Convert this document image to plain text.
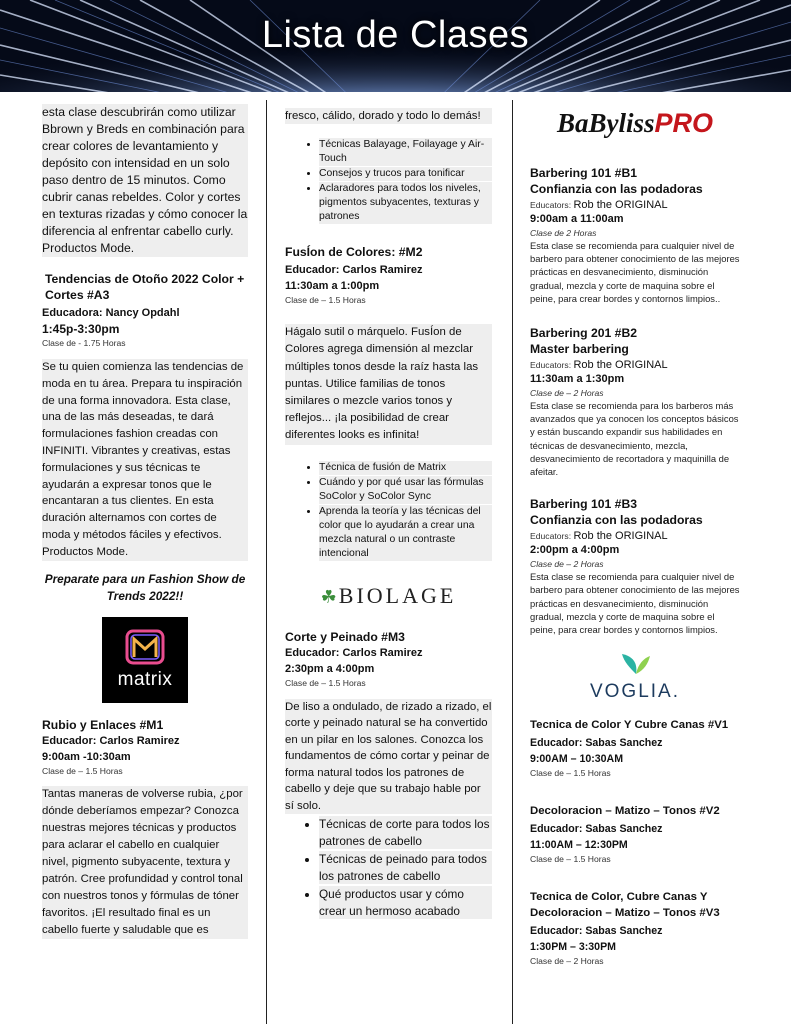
Lista de Clases

esta clase descubrirán como utilizar Bbrown y Breds en combinación para crear colores de levantamiento y depósito con intensidad en un solo paso dentro de 15 minutos. Como cubrir canas rebeldes. Color y cortes en texturas rizadas y cómo conocer la diferencia al enfrentar cabello curly. Productos Mode.

Tendencias de Otoño 2022 Color + Cortes #A3
Educadora: Nancy Opdahl
1:45p-3:30pm
Clase de - 1.75 Horas

Se tu quien comienza las tendencias de moda en tu área. Prepara tu inspiración de una forma innovadora. Esta clase, una de las más deseadas, te dará formulaciones fashion creadas con INFINITI. Vibrantes y creativas, estas formulaciones y sus técnicas te ayudarán a expresar tonos que le encantaran a tus clientes. En esta duración alternamos con cortes de moda y métodos fáciles y efectivos. Productos Mode.

Preparate para un Fashion Show de Trends 2022!!

matrix
Rubio y Enlaces #M1
Educador: Carlos Ramirez
9:00am -10:30am
Clase de – 1.5 Horas

Tantas maneras de volverse rubia, ¿por dónde deberíamos empezar? Conozca nuestras mejores técnicas y productos para aclarar el cabello en cualquier nivel, pigmento subyacente, textura y patrón. Cree profundidad y control tonal con nuestros tonos y fórmulas de tóner favoritos. ¡El resultado final es un cabello fuerte y saludable que es

fresco, cálido, dorado y todo lo demás!

• Técnicas Balayage, Foilayage y Air-Touch
• Consejos y trucos para tonificar
• Aclaradores para todos los niveles, pigmentos subyacentes, texturas y patrones
FusÍon de Colores: #M2
Educador: Carlos Ramirez
11:30am a 1:00pm
Clase de – 1.5 Horas

Hágalo sutil o márquelo. FusÍon de Colores agrega dimensión al mezclar múltiples tonos desde la raíz hasta las puntas. Utilice familias de tonos similares o mezcle varios tonos y reflejos... ¡la posibilidad de crear diferentes looks es infinita!

• Técnica de fusión de Matrix
• Cuándo y por qué usar las fórmulas SoColor y SoColor Sync
• Aprenda la teoría y las técnicas del color que lo ayudarán a crear una mezcla natural o un contraste intencional
☘BIOLAGE
Corte y Peinado #M3
Educador: Carlos Ramirez
2:30pm a 4:00pm
Clase de – 1.5 Horas

De liso a ondulado, de rizado a rizado, el corte y peinado natural se ha convertido en un pilar en los salones. Conozca los fundamentos de cómo cortar y peinar de forma natural todos los patrones de cabello y deje que su trabajo hable por sí solo.

• Técnicas de corte para todos los patrones de cabello
• Técnicas de peinado para todos los patrones de cabello
• Qué productos usar y cómo crear un hermoso acabado
BaBylissPRO
Barbering 101 #B1
Confianzia con las podadoras
Educators: Rob the ORIGINAL
9:00am a 11:00am
Clase de 2 Horas

Esta clase se recomienda para cualquier nivel de barbero para obtener conocimiento de las mejores prácticas en desvanecimiento, disminución gradual, mezcla y corte de maquina sobre el peine, para crear bordes y contornos limpios..

Barbering 201 #B2
Master barbering
Educators: Rob the ORIGINAL
11:30am a 1:30pm
Clase de – 2 Horas

Esta clase se recomienda para los barberos más avanzados que ya conocen los conceptos básicos y están buscando expandir sus habilidades en técnicas de desvanecimiento, mezcla, desvanecimiento de recortadora y maquinilla de afeitar.

Barbering 101 #B3
Confianzia con las podadoras
Educators: Rob the ORIGINAL
2:00pm a 4:00pm
Clase de – 2 Horas

Esta clase se recomienda para cualquier nivel de barbero para obtener conocimiento de las mejores prácticas en desvanecimiento, disminución gradual, mezcla y corte de maquina sobre el peine, para crear bordes y contornos limpios.

VOGLIA.
Tecnica de Color Y Cubre Canas #V1
Educador: Sabas Sanchez
9:00AM – 10:30AM
Clase de – 1.5 Horas
Decoloracion – Matizo – Tonos #V2
Educador: Sabas Sanchez
11:00AM – 12:30PM
Clase de – 1.5 Horas
Tecnica de Color, Cubre Canas Y Decoloracion – Matizo – Tonos #V3
Educador: Sabas Sanchez
1:30PM – 3:30PM
Clase de – 2 Horas
